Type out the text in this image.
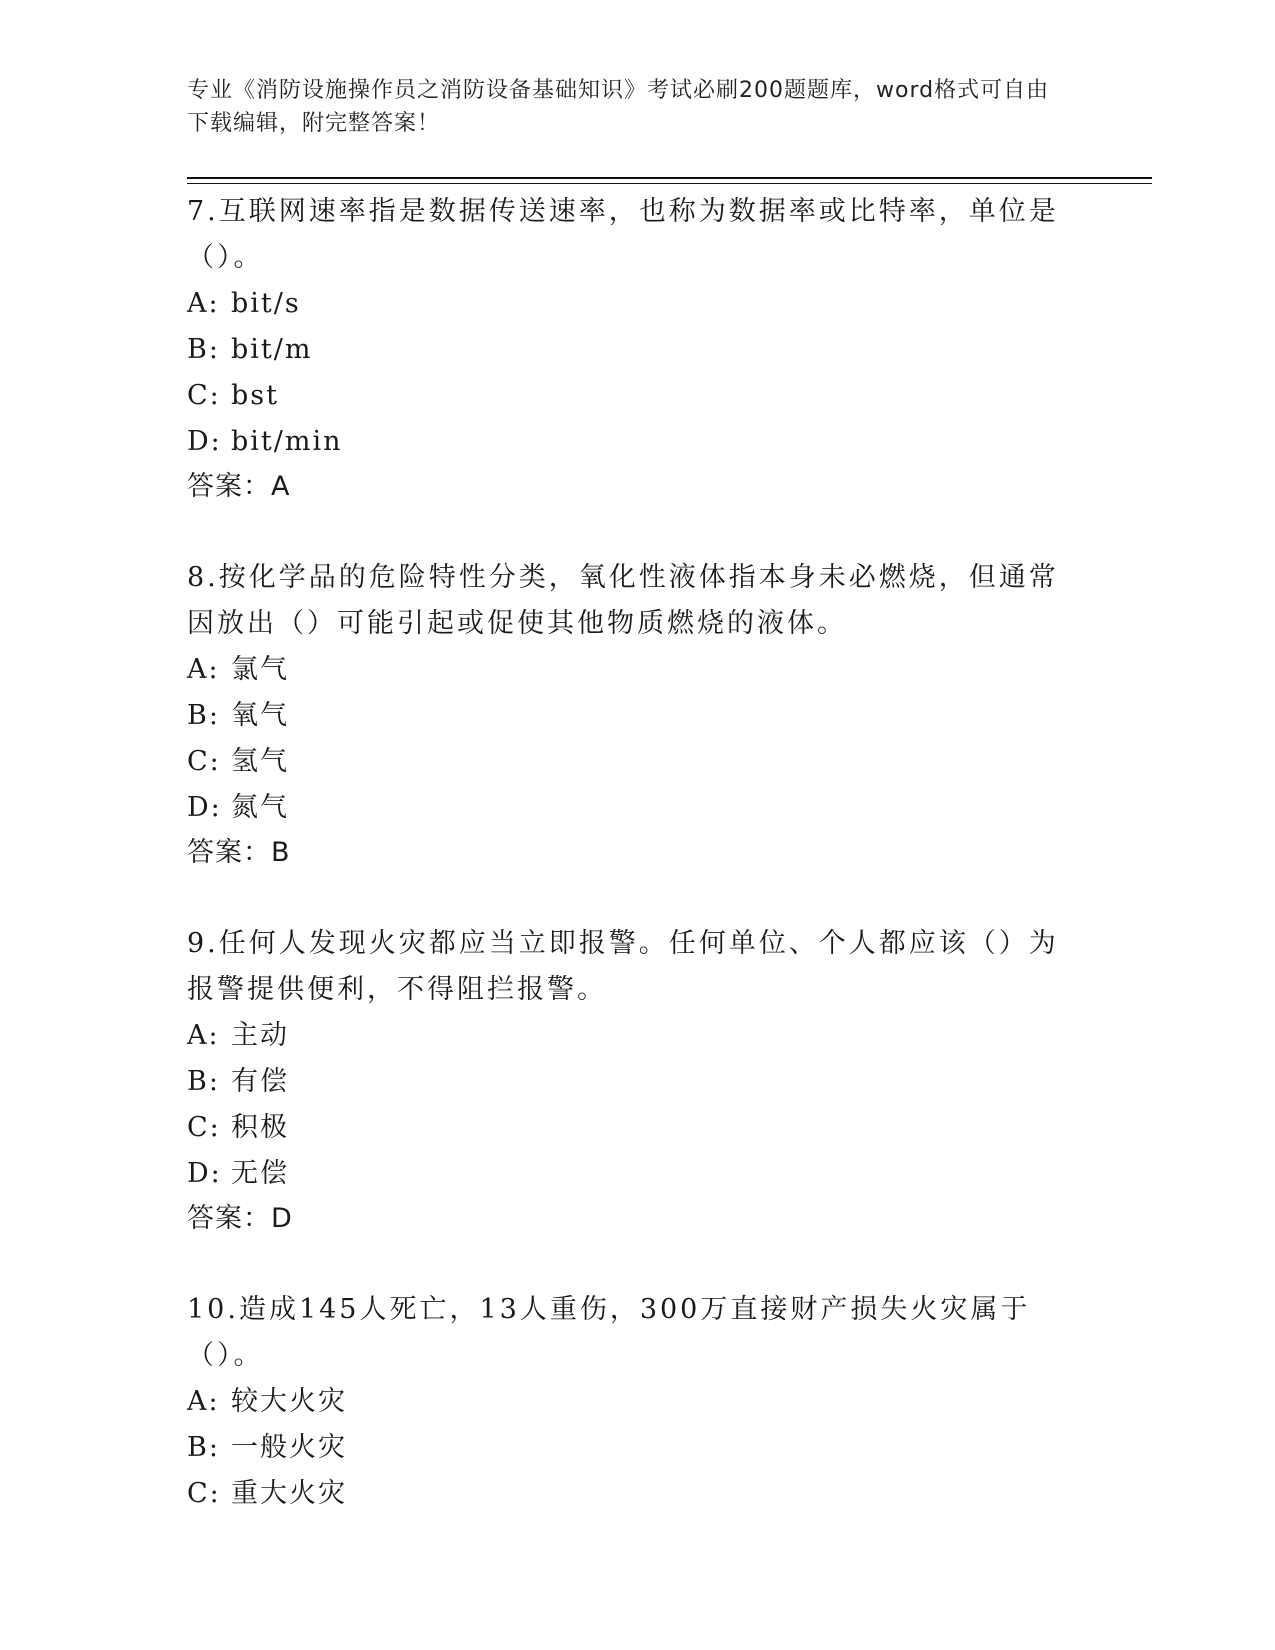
专业《消防设施操作员之消防设备基础知识》考试必刷200题题库，word格式可自由下载编辑，附完整答案！

7.互联网速率指是数据传送速率，也称为数据率或比特率，单位是（）。

A: bit/s

B: bit/m

C: bst

D: bit/min

答案：A

8.按化学品的危险特性分类，氧化性液体指本身未必燃烧，但通常因放出（）可能引起或促使其他物质燃烧的液体。

A: 氯气

B: 氧气

C: 氢气

D: 氮气

答案：B

9.任何人发现火灾都应当立即报警。任何单位、个人都应该（）为报警提供便利，不得阻拦报警。

A: 主动

B: 有偿

C: 积极

D: 无偿

答案：D

10.造成145人死亡，13人重伤，300万直接财产损失火灾属于（）。

A: 较大火灾

B: 一般火灾

C: 重大火灾
